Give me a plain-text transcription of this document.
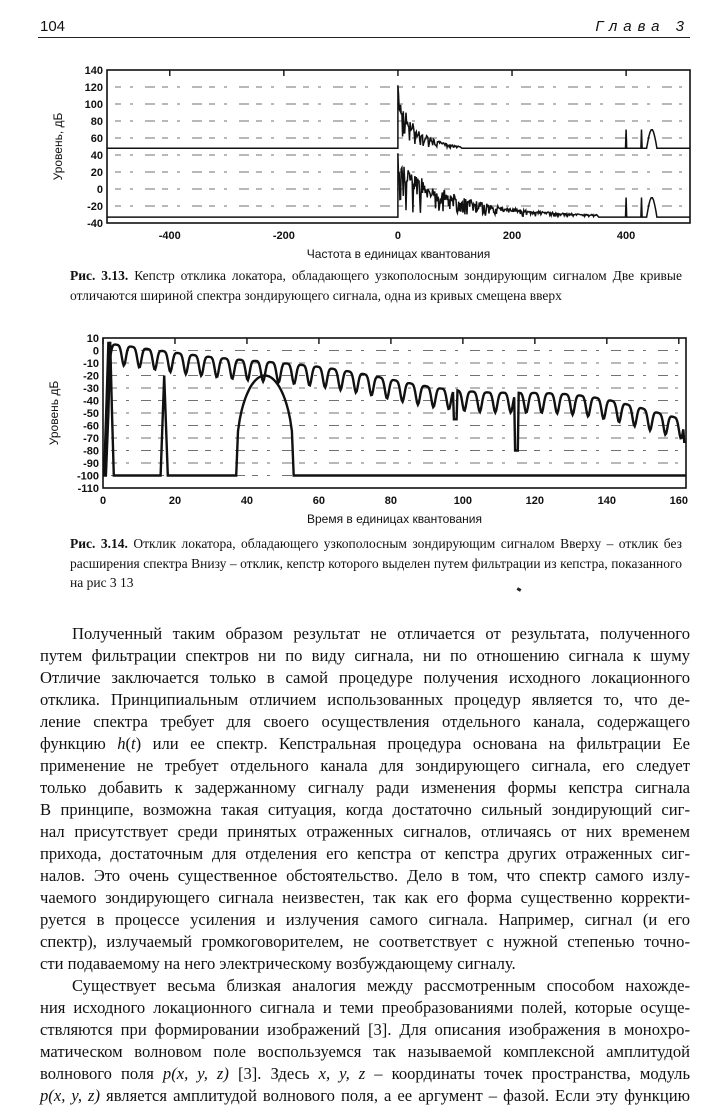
104	Глава 3
-400	-200	0	200	400
140
120
100
80
60
40
20
0
-20
-40
Частота в единицах квантования
Уровень, дБ
Рис. 3.13. Кепстр отклика локатора, обладающего узкополосным зондирующим сигналом Две кривые отличаются шириной спектра зондирующего сигнала, одна из кривых смещена вверх
0	20	40	60	80	100	120	140	160
10
0
-10
-20
-30
-40
-50
-60
-70
-80
-90
-100
-110
Время в единицах квантования
Уровень дБ
Рис. 3.14. Отклик локатора, обладающего узкополосным зондирующим сигналом Вверху – отклик без расширения спектра Внизу – отклик, кепстр которого выделен путем фильтрации из кепстра, показанного на рис 3 13
Полученный таким образом результат не отличается от результата, полученного
путем фильтрации спектров ни по виду сигнала, ни по отношению сигнала к шуму
Отличие заключается только в самой процедуре получения исходного локационного
отклика. Принципиальным отличием использованных процедур является то, что де-
ление спектра требует для своего осуществления отдельного канала, содержащего
функцию h(t) или ее спектр. Кепстральная процедура основана на фильтрации Ее
применение не требует отдельного канала для зондирующего сигнала, его следует
только добавить к задержанному сигналу ради изменения формы кепстра сигнала
В принципе, возможна такая ситуация, когда достаточно сильный зондирующий сиг-
нал присутствует среди принятых отраженных сигналов, отличаясь от них временем
прихода, достаточным для отделения его кепстра от кепстра других отраженных сиг-
налов. Это очень существенное обстоятельство. Дело в том, что спектр самого излу-
чаемого зондирующего сигнала неизвестен, так как его форма существенно корректи-
руется в процессе усиления и излучения самого сигнала. Например, сигнал (и его
спектр), излучаемый громкоговорителем, не соответствует с нужной степенью точно-
сти подаваемому на него электрическому возбуждающему сигналу.
Существует весьма близкая аналогия между рассмотренным способом нахожде-
ния исходного локационного сигнала и теми преобразованиями полей, которые осуще-
ствляются при формировании изображений [3]. Для описания изображения в монохро-
матическом волновом поле воспользуемся так называемой комплексной амплитудой
волнового поля p(x, y, z) [3]. Здесь x, y, z – координаты точек пространства, модуль
p(x, y, z) является амплитудой волнового поля, а ее аргумент – фазой. Если эту функцию
